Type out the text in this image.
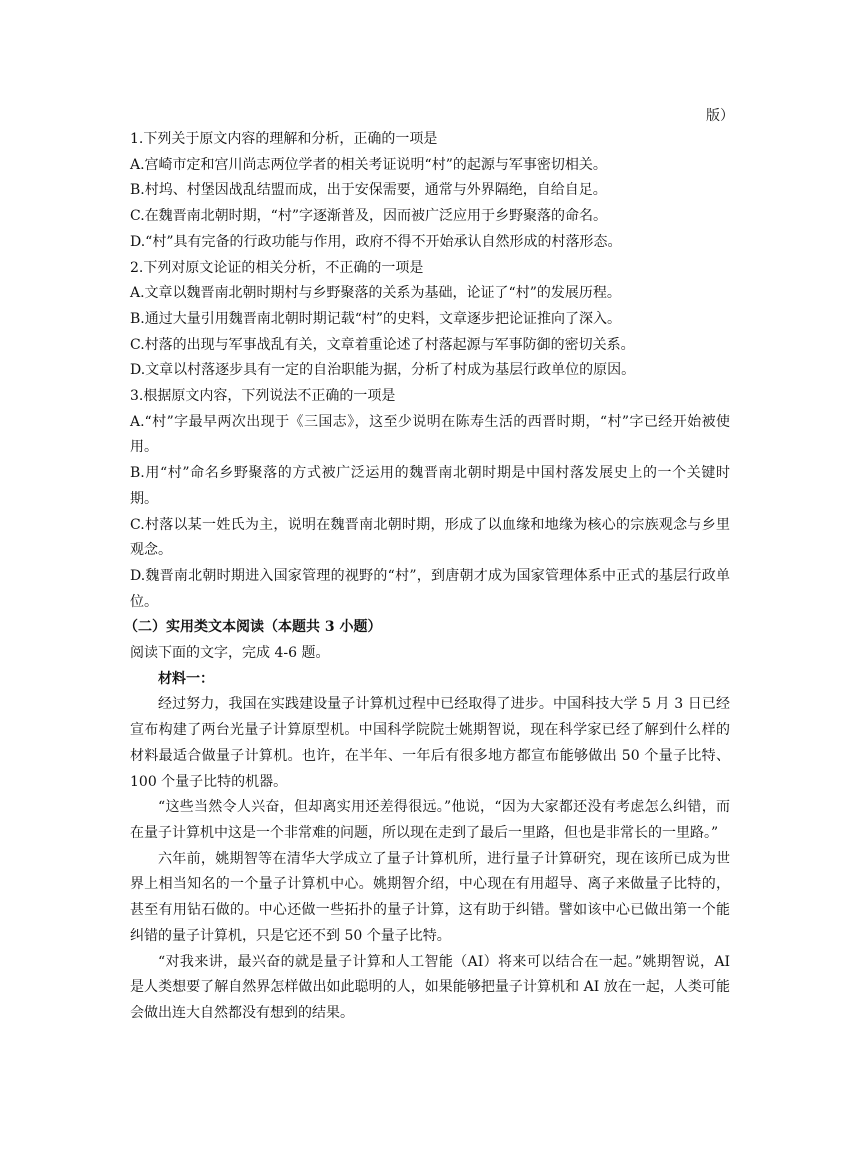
版）

1.下列关于原文内容的理解和分析，正确的一项是

A.宫崎市定和宫川尚志两位学者的相关考证说明“村”的起源与军事密切相关。

B.村坞、村堡因战乱结盟而成，出于安保需要，通常与外界隔绝，自给自足。

C.在魏晋南北朝时期，“村”字逐渐普及，因而被广泛应用于乡野聚落的命名。

D.“村”具有完备的行政功能与作用，政府不得不开始承认自然形成的村落形态。

2.下列对原文论证的相关分析，不正确的一项是

A.文章以魏晋南北朝时期村与乡野聚落的关系为基础，论证了“村”的发展历程。

B.通过大量引用魏晋南北朝时期记载“村”的史料，文章逐步把论证推向了深入。

C.村落的出现与军事战乱有关，文章着重论述了村落起源与军事防御的密切关系。

D.文章以村落逐步具有一定的自治职能为据，分析了村成为基层行政单位的原因。

3.根据原文内容，下列说法不正确的一项是

A.“村”字最早两次出现于《三国志》，这至少说明在陈寿生活的西晋时期，“村”字已经开始被使用。

B.用“村”命名乡野聚落的方式被广泛运用的魏晋南北朝时期是中国村落发展史上的一个关键时期。

C.村落以某一姓氏为主，说明在魏晋南北朝时期，形成了以血缘和地缘为核心的宗族观念与乡里观念。

D.魏晋南北朝时期进入国家管理的视野的“村”，到唐朝才成为国家管理体系中正式的基层行政单位。

（二）实用类文本阅读（本题共 3 小题）

阅读下面的文字，完成 4-6 题。

材料一：

经过努力，我国在实践建设量子计算机过程中已经取得了进步。中国科技大学 5 月 3 日已经宣布构建了两台光量子计算原型机。中国科学院院士姚期智说，现在科学家已经了解到什么样的材料最适合做量子计算机。也许，在半年、一年后有很多地方都宣布能够做出 50 个量子比特、100 个量子比特的机器。

“这些当然令人兴奋，但却离实用还差得很远。”他说，“因为大家都还没有考虑怎么纠错，而在量子计算机中这是一个非常难的问题，所以现在走到了最后一里路，但也是非常长的一里路。”

六年前，姚期智等在清华大学成立了量子计算机所，进行量子计算研究，现在该所已成为世界上相当知名的一个量子计算机中心。姚期智介绍，中心现在有用超导、离子来做量子比特的，甚至有用钻石做的。中心还做一些拓扑的量子计算，这有助于纠错。譬如该中心已做出第一个能纠错的量子计算机，只是它还不到 50 个量子比特。

“对我来讲，最兴奋的就是量子计算和人工智能（AI）将来可以结合在一起。”姚期智说，AI 是人类想要了解自然界怎样做出如此聪明的人，如果能够把量子计算机和 AI 放在一起，人类可能会做出连大自然都没有想到的结果。
